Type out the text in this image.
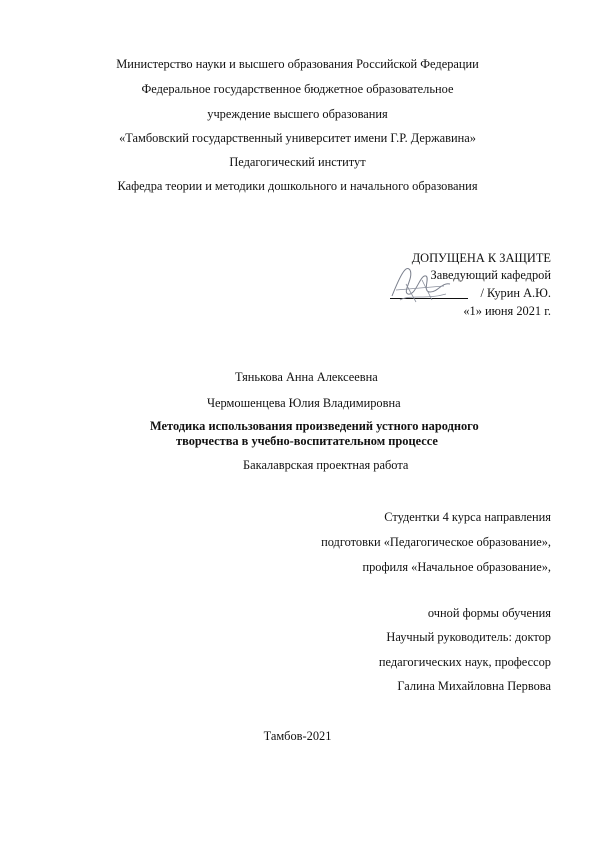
Министерство науки и высшего образования Российской Федерации
Федеральное государственное бюджетное образовательное
учреждение высшего образования
«Тамбовский государственный университет имени Г.Р. Державина»
Педагогический институт
Кафедра теории и методики дошкольного и начального образования
ДОПУЩЕНА К ЗАЩИТЕ
Заведующий кафедрой
/ Курин А.Ю.
«1» июня 2021 г.
Тянькова Анна Алексеевна
Чермошенцева Юлия Владимировна
Методика использования произведений устного народного
творчества в учебно-воспитательном процессе
Бакалаврская проектная работа
Студентки 4 курса направления
подготовки «Педагогическое образование»,
профиля «Начальное образование»,
очной формы обучения
Научный руководитель: доктор
педагогических наук, профессор
Галина Михайловна Первова
Тамбов-2021
